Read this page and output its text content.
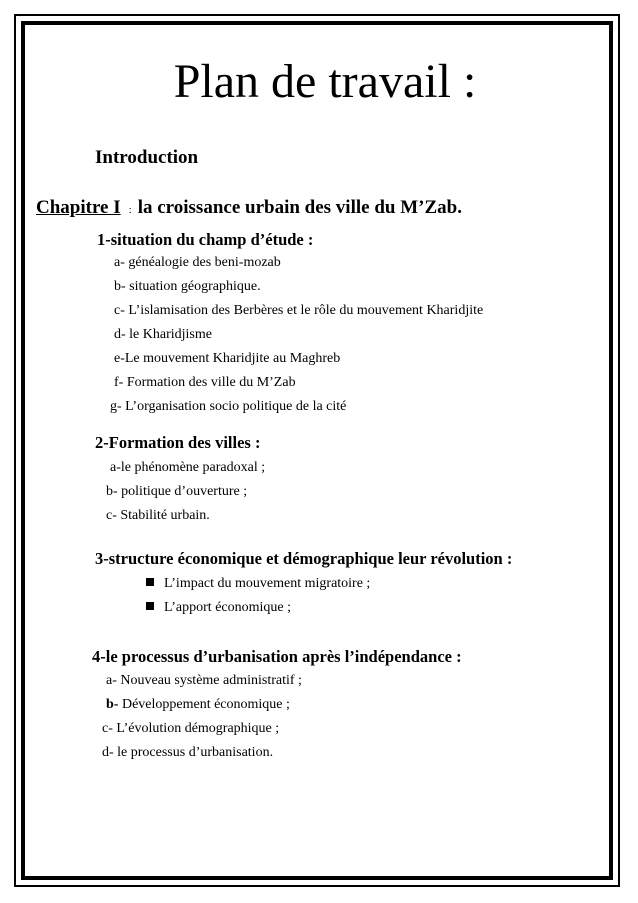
Plan de travail :
Introduction
Chapitre I : la croissance urbain des ville du M’Zab.
1-situation du champ d’étude :
a- généalogie des beni-mozab
b- situation géographique.
c- L’islamisation des Berbères et le rôle du mouvement Kharidjite
d- le Kharidjisme
e-Le mouvement Kharidjite au Maghreb
f- Formation des ville du M’Zab
g- L’organisation socio politique de la cité
2-Formation des villes :
a-le phénomène paradoxal ;
b- politique d’ouverture ;
c- Stabilité urbain.
3-structure économique et démographique leur révolution :
L’impact du mouvement migratoire ;
L’apport économique ;
4-le processus d’urbanisation après l’indépendance :
a- Nouveau système administratif ;
b- Développement économique ;
c- L’évolution démographique ;
d- le processus d’urbanisation.
